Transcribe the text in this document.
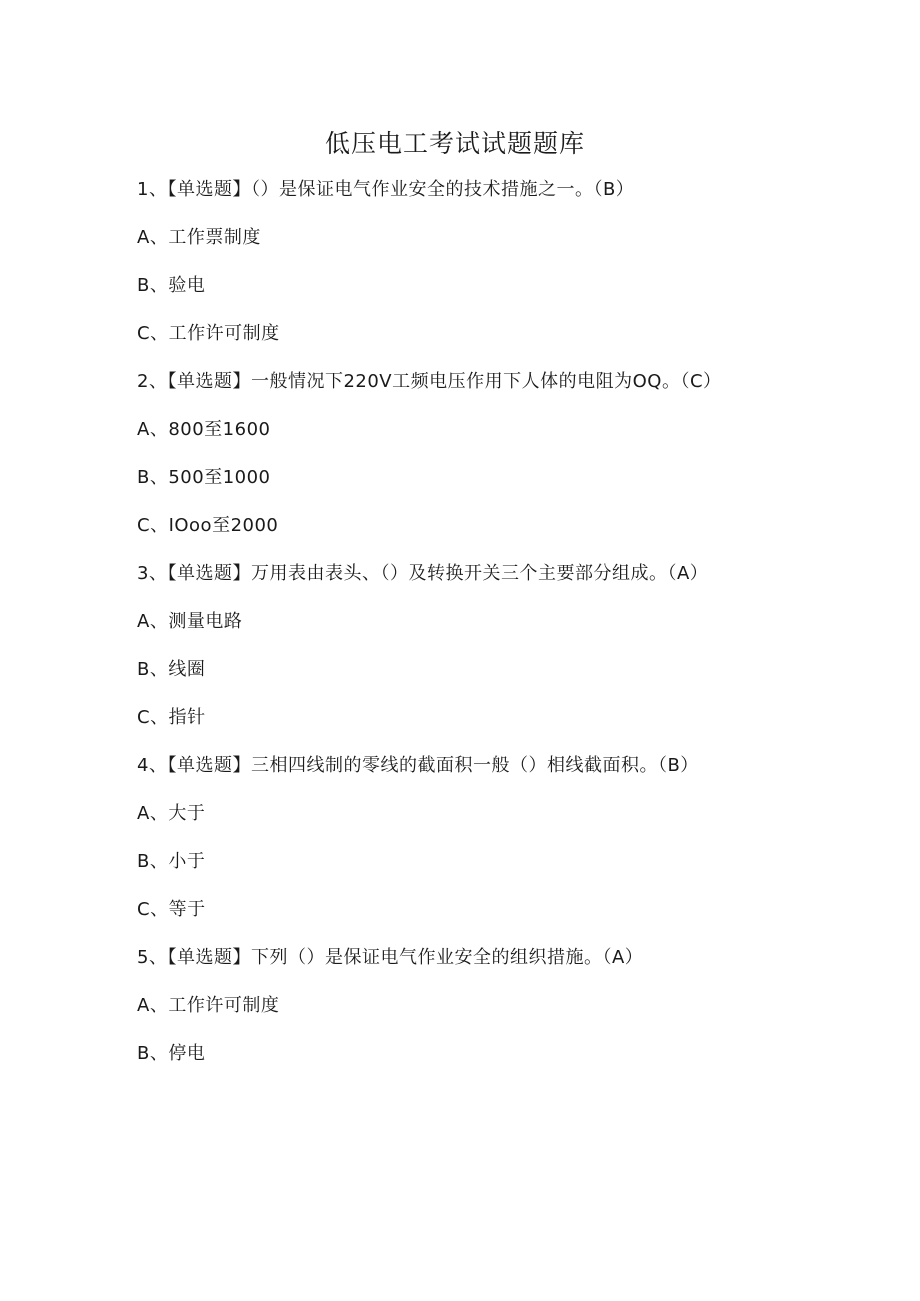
低压电工考试试题题库

1、【单选题】（）是保证电气作业安全的技术措施之一。（B）

A、工作票制度

B、验电

C、工作许可制度

2、【单选题】一般情况下220V工频电压作用下人体的电阻为OQ。（C）

A、800至1600

B、500至1000

C、IOoo至2000

3、【单选题】万用表由表头、（）及转换开关三个主要部分组成。（A）

A、测量电路

B、线圈

C、指针

4、【单选题】三相四线制的零线的截面积一般（）相线截面积。（B）

A、大于

B、小于

C、等于

5、【单选题】下列（）是保证电气作业安全的组织措施。（A）

A、工作许可制度

B、停电
